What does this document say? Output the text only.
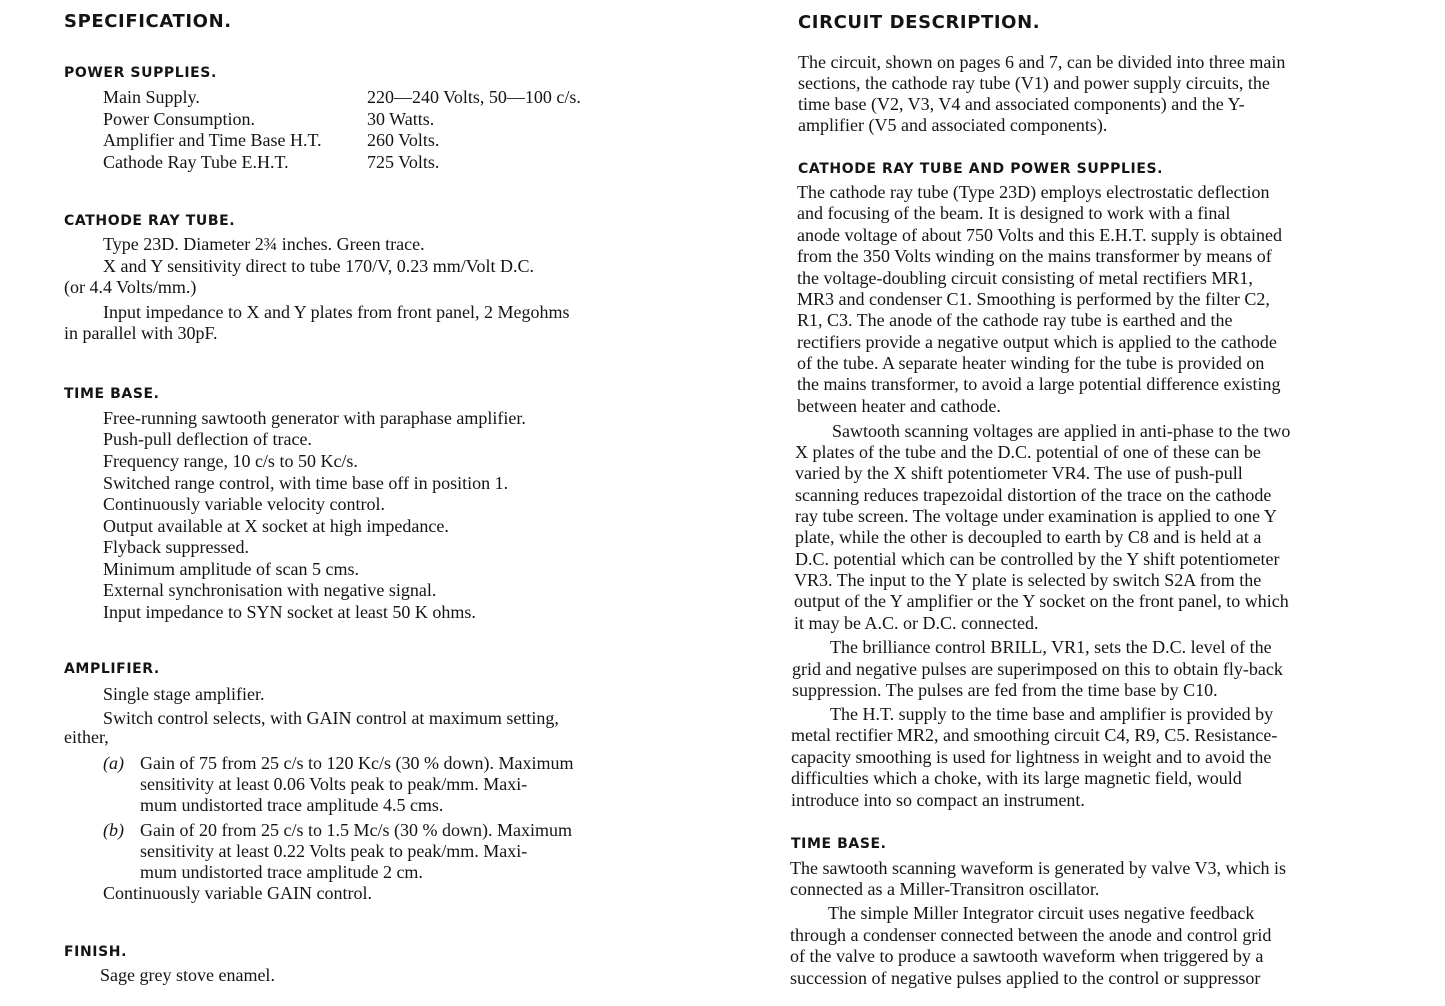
SPECIFICATION.
POWER SUPPLIES.
Main Supply.	220—240 Volts, 50—100 c/s.
Power Consumption.	30 Watts.
Amplifier and Time Base H.T.	260 Volts.
Cathode Ray Tube E.H.T.	725 Volts.
CATHODE RAY TUBE.
Type 23D. Diameter 2¾ inches. Green trace.
X and Y sensitivity direct to tube 170/V, 0.23 mm/Volt D.C.
(or 4.4 Volts/mm.)
Input impedance to X and Y plates from front panel, 2 Megohms
in parallel with 30pF.
TIME BASE.
Free-running sawtooth generator with paraphase amplifier.
Push-pull deflection of trace.
Frequency range, 10 c/s to 50 Kc/s.
Switched range control, with time base off in position 1.
Continuously variable velocity control.
Output available at X socket at high impedance.
Flyback suppressed.
Minimum amplitude of scan 5 cms.
External synchronisation with negative signal.
Input impedance to SYN socket at least 50 K ohms.
AMPLIFIER.
Single stage amplifier.
Switch control selects, with GAIN control at maximum setting,
either,
(a) Gain of 75 from 25 c/s to 120 Kc/s (30 % down). Maximum
sensitivity at least 0.06 Volts peak to peak/mm. Maxi-
mum undistorted trace amplitude 4.5 cms.
(b) Gain of 20 from 25 c/s to 1.5 Mc/s (30 % down). Maximum
sensitivity at least 0.22 Volts peak to peak/mm. Maxi-
mum undistorted trace amplitude 2 cm.
Continuously variable GAIN control.
FINISH.
Sage grey stove enamel.
CIRCUIT DESCRIPTION.
The circuit, shown on pages 6 and 7, can be divided into three main
sections, the cathode ray tube (V1) and power supply circuits, the
time base (V2, V3, V4 and associated components) and the Y-
amplifier (V5 and associated components).
CATHODE RAY TUBE AND POWER SUPPLIES.
The cathode ray tube (Type 23D) employs electrostatic deflection
and focusing of the beam. It is designed to work with a final
anode voltage of about 750 Volts and this E.H.T. supply is obtained
from the 350 Volts winding on the mains transformer by means of
the voltage-doubling circuit consisting of metal rectifiers MR1,
MR3 and condenser C1. Smoothing is performed by the filter C2,
R1, C3. The anode of the cathode ray tube is earthed and the
rectifiers provide a negative output which is applied to the cathode
of the tube. A separate heater winding for the tube is provided on
the mains transformer, to avoid a large potential difference existing
between heater and cathode.
Sawtooth scanning voltages are applied in anti-phase to the two
X plates of the tube and the D.C. potential of one of these can be
varied by the X shift potentiometer VR4. The use of push-pull
scanning reduces trapezoidal distortion of the trace on the cathode
ray tube screen. The voltage under examination is applied to one Y
plate, while the other is decoupled to earth by C8 and is held at a
D.C. potential which can be controlled by the Y shift potentiometer
VR3. The input to the Y plate is selected by switch S2A from the
output of the Y amplifier or the Y socket on the front panel, to which
it may be A.C. or D.C. connected.
The brilliance control BRILL, VR1, sets the D.C. level of the
grid and negative pulses are superimposed on this to obtain fly-back
suppression. The pulses are fed from the time base by C10.
The H.T. supply to the time base and amplifier is provided by
metal rectifier MR2, and smoothing circuit C4, R9, C5. Resistance-
capacity smoothing is used for lightness in weight and to avoid the
difficulties which a choke, with its large magnetic field, would
introduce into so compact an instrument.
TIME BASE.
The sawtooth scanning waveform is generated by valve V3, which is
connected as a Miller-Transitron oscillator.
The simple Miller Integrator circuit uses negative feedback
through a condenser connected between the anode and control grid
of the valve to produce a sawtooth waveform when triggered by a
succession of negative pulses applied to the control or suppressor
